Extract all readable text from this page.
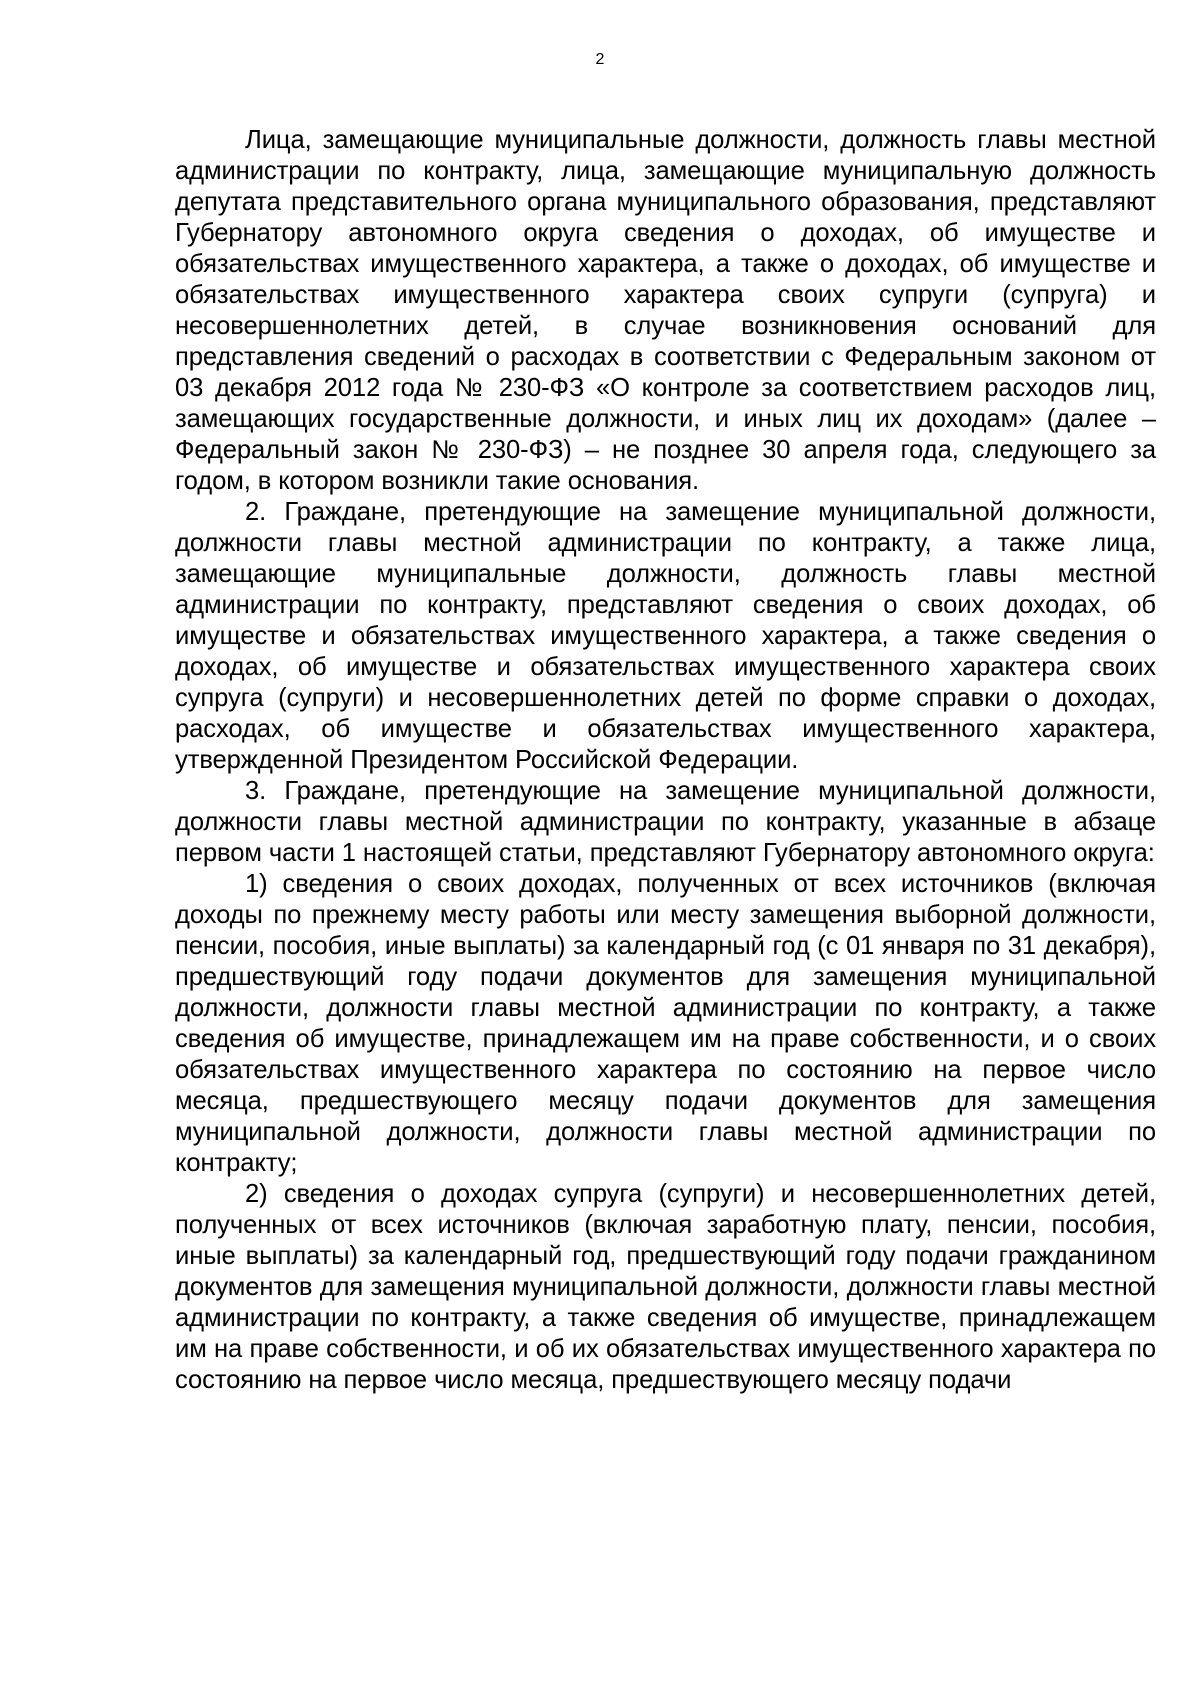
2

Лица, замещающие муниципальные должности, должность главы местной администрации по контракту, лица, замещающие муниципальную должность депутата представительного органа муниципального образования, представляют Губернатору автономного округа сведения о доходах, об имуществе и обязательствах имущественного характера, а также о доходах, об имуществе и обязательствах имущественного характера своих супруги (супруга) и несовершеннолетних детей, в случае возникновения оснований для представления сведений о расходах в соответствии с Федеральным законом от 03 декабря 2012 года № 230-ФЗ «О контроле за соответствием расходов лиц, замещающих государственные должности, и иных лиц их доходам» (далее – Федеральный закон № 230-ФЗ) – не позднее 30 апреля года, следующего за годом, в котором возникли такие основания.

2. Граждане, претендующие на замещение муниципальной должности, должности главы местной администрации по контракту, а также лица, замещающие муниципальные должности, должность главы местной администрации по контракту, представляют сведения о своих доходах, об имуществе и обязательствах имущественного характера, а также сведения о доходах, об имуществе и обязательствах имущественного характера своих супруга (супруги) и несовершеннолетних детей по форме справки о доходах, расходах, об имуществе и обязательствах имущественного характера, утвержденной Президентом Российской Федерации.

3. Граждане, претендующие на замещение муниципальной должности, должности главы местной администрации по контракту, указанные в абзаце первом части 1 настоящей статьи, представляют Губернатору автономного округа:

1) сведения о своих доходах, полученных от всех источников (включая доходы по прежнему месту работы или месту замещения выборной должности, пенсии, пособия, иные выплаты) за календарный год (с 01 января по 31 декабря), предшествующий году подачи документов для замещения муниципальной должности, должности главы местной администрации по контракту, а также сведения об имуществе, принадлежащем им на праве собственности, и о своих обязательствах имущественного характера по состоянию на первое число месяца, предшествующего месяцу подачи документов для замещения муниципальной должности, должности главы местной администрации по контракту;

2) сведения о доходах супруга (супруги) и несовершеннолетних детей, полученных от всех источников (включая заработную плату, пенсии, пособия, иные выплаты) за календарный год, предшествующий году подачи гражданином документов для замещения муниципальной должности, должности главы местной администрации по контракту, а также сведения об имуществе, принадлежащем им на праве собственности, и об их обязательствах имущественного характера по состоянию на первое число месяца, предшествующего месяцу подачи
